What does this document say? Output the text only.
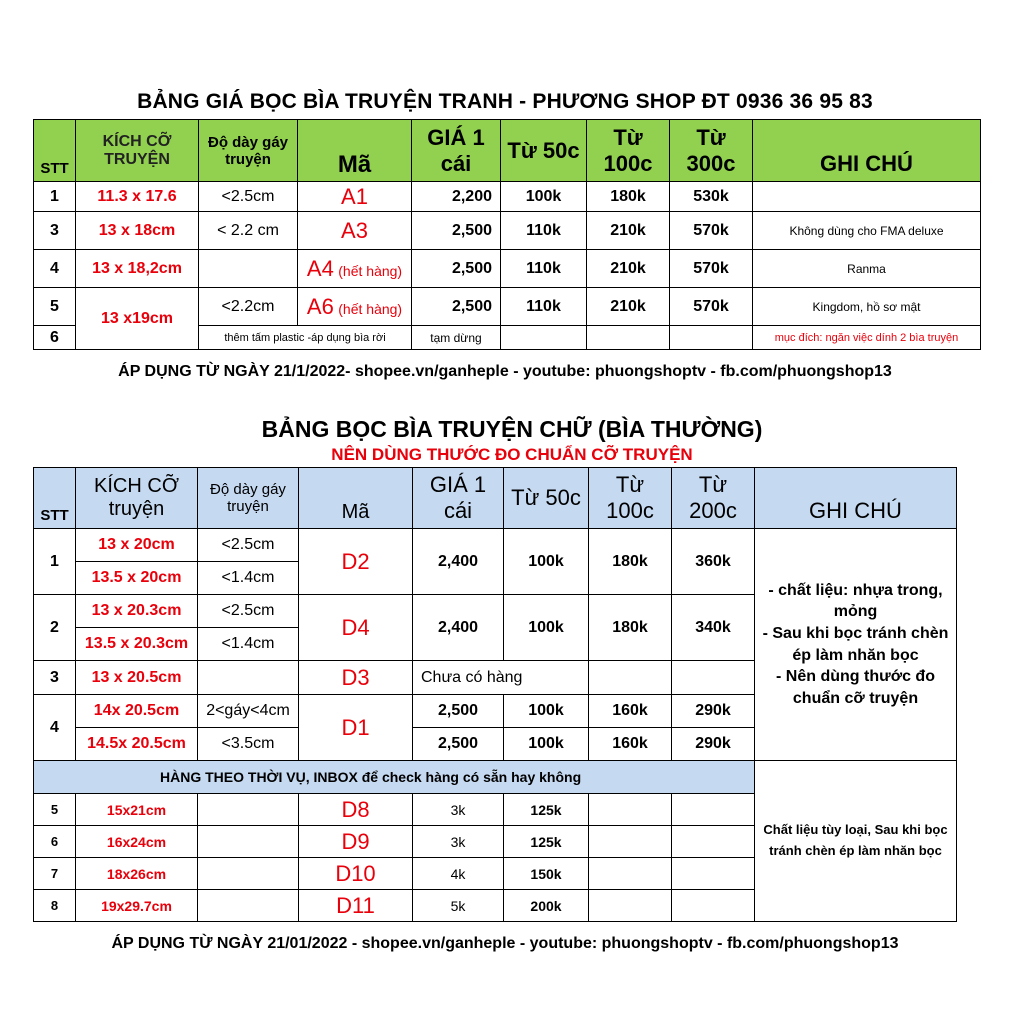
BẢNG GIÁ BỌC BÌA TRUYỆN TRANH - PHƯƠNG SHOP ĐT 0936 36 95 83
STT	KÍCH CỠ TRUYỆN	Độ dày gáy truyện	Mã	GIÁ 1 cái	Từ 50c	Từ 100c	Từ 300c	GHI CHÚ
1	11.3 x 17.6	<2.5cm	A1	2,200	100k	180k	530k	
3	13 x 18cm	< 2.2 cm	A3	2,500	110k	210k	570k	Không dùng cho FMA deluxe
4	13 x 18,2cm		A4 (hết hàng)	2,500	110k	210k	570k	Ranma
5	13 x19cm	<2.2cm	A6 (hết hàng)	2,500	110k	210k	570k	Kingdom, hồ sơ mật
6		thêm tấm plastic -áp dụng bìa rời		tạm dừng				mục đích: ngăn việc dính 2 bìa truyện
ÁP DỤNG TỪ NGÀY 21/1/2022- shopee.vn/ganheple - youtube: phuongshoptv - fb.com/phuongshop13
BẢNG BỌC BÌA TRUYỆN CHỮ (BÌA THƯỜNG)
NÊN DÙNG THƯỚC ĐO CHUẨN CỠ TRUYỆN
STT	KÍCH CỠ truyện	Độ dày gáy truyện	Mã	GIÁ 1 cái	Từ 50c	Từ 100c	Từ 200c	GHI CHÚ
1	13 x 20cm	<2.5cm	D2	2,400	100k	180k	360k	- chất liệu: nhựa trong, mỏng
- Sau khi bọc tránh chèn ép làm nhăn bọc
- Nên dùng thước đo chuẩn cỡ truyện
	13.5 x 20cm	<1.4cm						
2	13 x 20.3cm	<2.5cm	D4	2,400	100k	180k	340k	
	13.5 x 20.3cm	<1.4cm						
3	13 x 20.5cm		D3	Chưa có hàng				
4	14x 20.5cm	2<gáy<4cm	D1	2,500	100k	160k	290k	
	14.5x 20.5cm	<3.5cm		2,500	100k	160k	290k	
HÀNG THEO THỜI VỤ, INBOX để check hàng có sẵn hay không								Chất liệu tùy loại, Sau khi bọc tránh chèn ép làm nhăn bọc
5	15x21cm		D8	3k	125k			
6	16x24cm		D9	3k	125k			
7	18x26cm		D10	4k	150k			
8	19x29.7cm		D11	5k	200k			
ÁP DỤNG TỪ NGÀY 21/01/2022 - shopee.vn/ganheple - youtube: phuongshoptv - fb.com/phuongshop13
